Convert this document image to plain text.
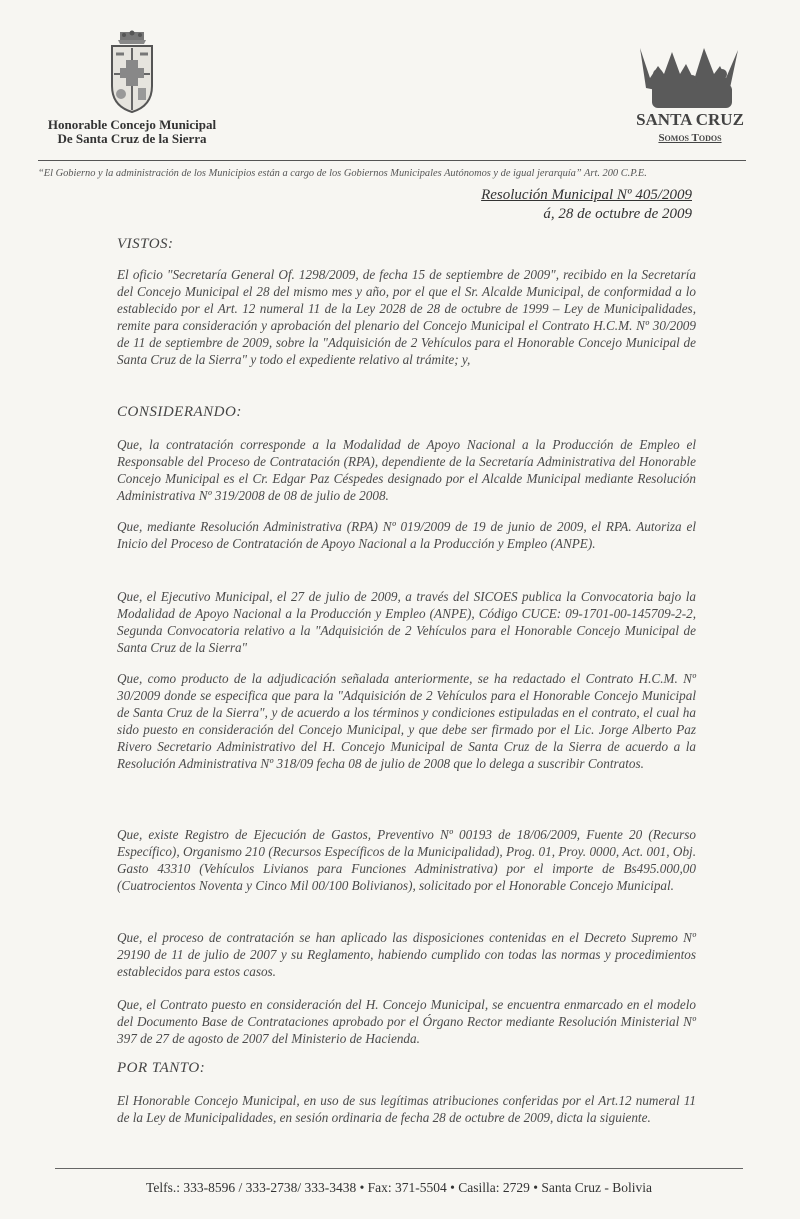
Honorable Concejo Municipal
De Santa Cruz de la Sierra
SANTA CRUZ
Somos Todos
“El Gobierno y la administración de los Municipios están a cargo de los Gobiernos Municipales Autónomos y de igual jerarquía” Art. 200 C.P.E.
Resolución Municipal Nº 405/2009
á, 28 de octubre de 2009
VISTOS:
El oficio "Secretaría General Of. 1298/2009, de fecha 15 de septiembre de 2009", recibido en la Secretaría del Concejo Municipal el 28 del mismo mes y año, por el que el Sr. Alcalde Municipal, de conformidad a lo establecido por el Art. 12 numeral 11 de la Ley 2028 de 28 de octubre de 1999 – Ley de Municipalidades, remite para consideración y aprobación del plenario del Concejo Municipal el Contrato H.C.M. Nº 30/2009 de 11 de septiembre de 2009, sobre la "Adquisición de 2 Vehículos para el Honorable Concejo Municipal de Santa Cruz de la Sierra" y todo el expediente relativo al trámite; y,
CONSIDERANDO:
Que, la contratación corresponde a la Modalidad de Apoyo Nacional a la Producción de Empleo el Responsable del Proceso de Contratación (RPA), dependiente de la Secretaría Administrativa del Honorable Concejo Municipal es el Cr. Edgar Paz Céspedes designado por el Alcalde Municipal mediante Resolución Administrativa Nº 319/2008 de 08 de julio de 2008.
Que, mediante Resolución Administrativa (RPA) Nº 019/2009 de 19 de junio de 2009, el RPA. Autoriza el Inicio del Proceso de Contratación de Apoyo Nacional a la Producción y Empleo (ANPE).
Que, el Ejecutivo Municipal, el 27 de julio de 2009, a través del SICOES publica la Convocatoria bajo la Modalidad de Apoyo Nacional a la Producción y Empleo (ANPE), Código CUCE: 09-1701-00-145709-2-2, Segunda Convocatoria relativo a la "Adquisición de 2 Vehículos para el Honorable Concejo Municipal de Santa Cruz de la Sierra"
Que, como producto de la adjudicación señalada anteriormente, se ha redactado el Contrato H.C.M. Nº 30/2009 donde se especifica que para la "Adquisición de 2 Vehículos para el Honorable Concejo Municipal de Santa Cruz de la Sierra", y de acuerdo a los términos y condiciones estipuladas en el contrato, el cual ha sido puesto en consideración del Concejo Municipal, y que debe ser firmado por el Lic. Jorge Alberto Paz Rivero Secretario Administrativo del H. Concejo Municipal de Santa Cruz de la Sierra de acuerdo a la Resolución Administrativa Nº 318/09 fecha 08 de julio de 2008 que lo delega a suscribir Contratos.
Que, existe Registro de Ejecución de Gastos, Preventivo Nº 00193 de 18/06/2009, Fuente 20 (Recurso Específico), Organismo 210 (Recursos Específicos de la Municipalidad), Prog. 01, Proy. 0000, Act. 001, Obj. Gasto 43310 (Vehículos Livianos para Funciones Administrativa) por el importe de Bs495.000,00 (Cuatrocientos Noventa y Cinco Mil 00/100 Bolivianos), solicitado por el Honorable Concejo Municipal.
Que, el proceso de contratación se han aplicado las disposiciones contenidas en el Decreto Supremo Nº 29190 de 11 de julio de 2007 y su Reglamento, habiendo cumplido con todas las normas y procedimientos establecidos para estos casos.
Que, el Contrato puesto en consideración del H. Concejo Municipal, se encuentra enmarcado en el modelo del Documento Base de Contrataciones aprobado por el Órgano Rector mediante Resolución Ministerial Nº 397 de 27 de agosto de 2007 del Ministerio de Hacienda.
POR TANTO:
El Honorable Concejo Municipal, en uso de sus legítimas atribuciones conferidas por el Art.12 numeral 11 de la Ley de Municipalidades, en sesión ordinaria de fecha 28 de octubre de 2009, dicta la siguiente.
Telfs.: 333-8596 / 333-2738/ 333-3438 • Fax: 371-5504 • Casilla: 2729 • Santa Cruz - Bolivia
